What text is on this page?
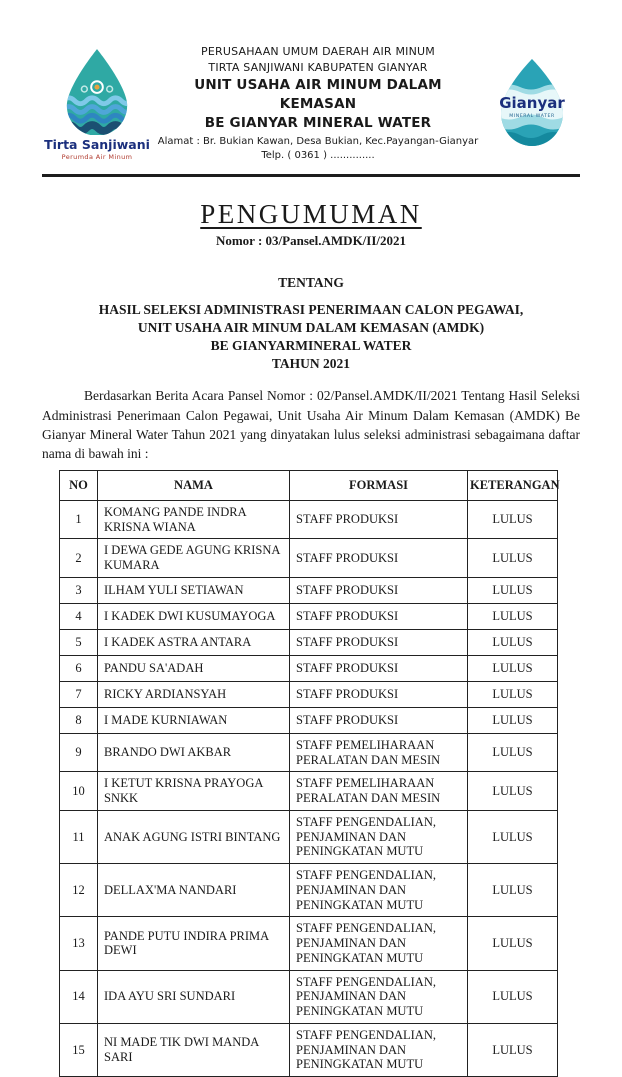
Tirta Sanjiwani
Perumda Air Minum
PERUSAHAAN UMUM DAERAH AIR MINUM
TIRTA SANJIWANI KABUPATEN GIANYAR
UNIT USAHA AIR MINUM DALAM KEMASAN
BE GIANYAR MINERAL WATER
Alamat : Br. Bukian Kawan, Desa Bukian, Kec.Payangan-Gianyar
Telp. ( 0361 ) ..............
Gianyar
MINERAL WATER
PENGUMUMAN
Nomor : 03/Pansel.AMDK/II/2021
TENTANG
HASIL SELEKSI ADMINISTRASI PENERIMAAN CALON PEGAWAI,
UNIT USAHA AIR MINUM DALAM KEMASAN (AMDK)
BE GIANYARMINERAL WATER
TAHUN 2021

Berdasarkan Berita Acara Pansel Nomor : 02/Pansel.AMDK/II/2021 Tentang Hasil Seleksi Administrasi Penerimaan Calon Pegawai, Unit Usaha Air Minum Dalam Kemasan (AMDK) Be Gianyar Mineral Water Tahun 2021 yang dinyatakan lulus seleksi administrasi sebagaimana daftar nama di bawah ini :

NO	NAMA	FORMASI	KETERANGAN
1	KOMANG PANDE INDRA KRISNA WIANA	STAFF PRODUKSI	LULUS
2	I DEWA GEDE AGUNG KRISNA KUMARA	STAFF PRODUKSI	LULUS
3	ILHAM YULI SETIAWAN	STAFF PRODUKSI	LULUS
4	I KADEK DWI KUSUMAYOGA	STAFF PRODUKSI	LULUS
5	I KADEK ASTRA ANTARA	STAFF PRODUKSI	LULUS
6	PANDU SA'ADAH	STAFF PRODUKSI	LULUS
7	RICKY ARDIANSYAH	STAFF PRODUKSI	LULUS
8	I MADE KURNIAWAN	STAFF PRODUKSI	LULUS
9	BRANDO DWI AKBAR	STAFF PEMELIHARAAN PERALATAN DAN MESIN	LULUS
10	I KETUT KRISNA PRAYOGA SNKK	STAFF PEMELIHARAAN PERALATAN DAN MESIN	LULUS
11	ANAK AGUNG ISTRI BINTANG	STAFF PENGENDALIAN, PENJAMINAN DAN PENINGKATAN MUTU	LULUS
12	DELLAX'MA NANDARI	STAFF PENGENDALIAN, PENJAMINAN DAN PENINGKATAN MUTU	LULUS
13	PANDE PUTU INDIRA PRIMA DEWI	STAFF PENGENDALIAN, PENJAMINAN DAN PENINGKATAN MUTU	LULUS
14	IDA AYU SRI SUNDARI	STAFF PENGENDALIAN, PENJAMINAN DAN PENINGKATAN MUTU	LULUS
15	NI MADE TIK DWI MANDA SARI	STAFF PENGENDALIAN, PENJAMINAN DAN PENINGKATAN MUTU	LULUS
